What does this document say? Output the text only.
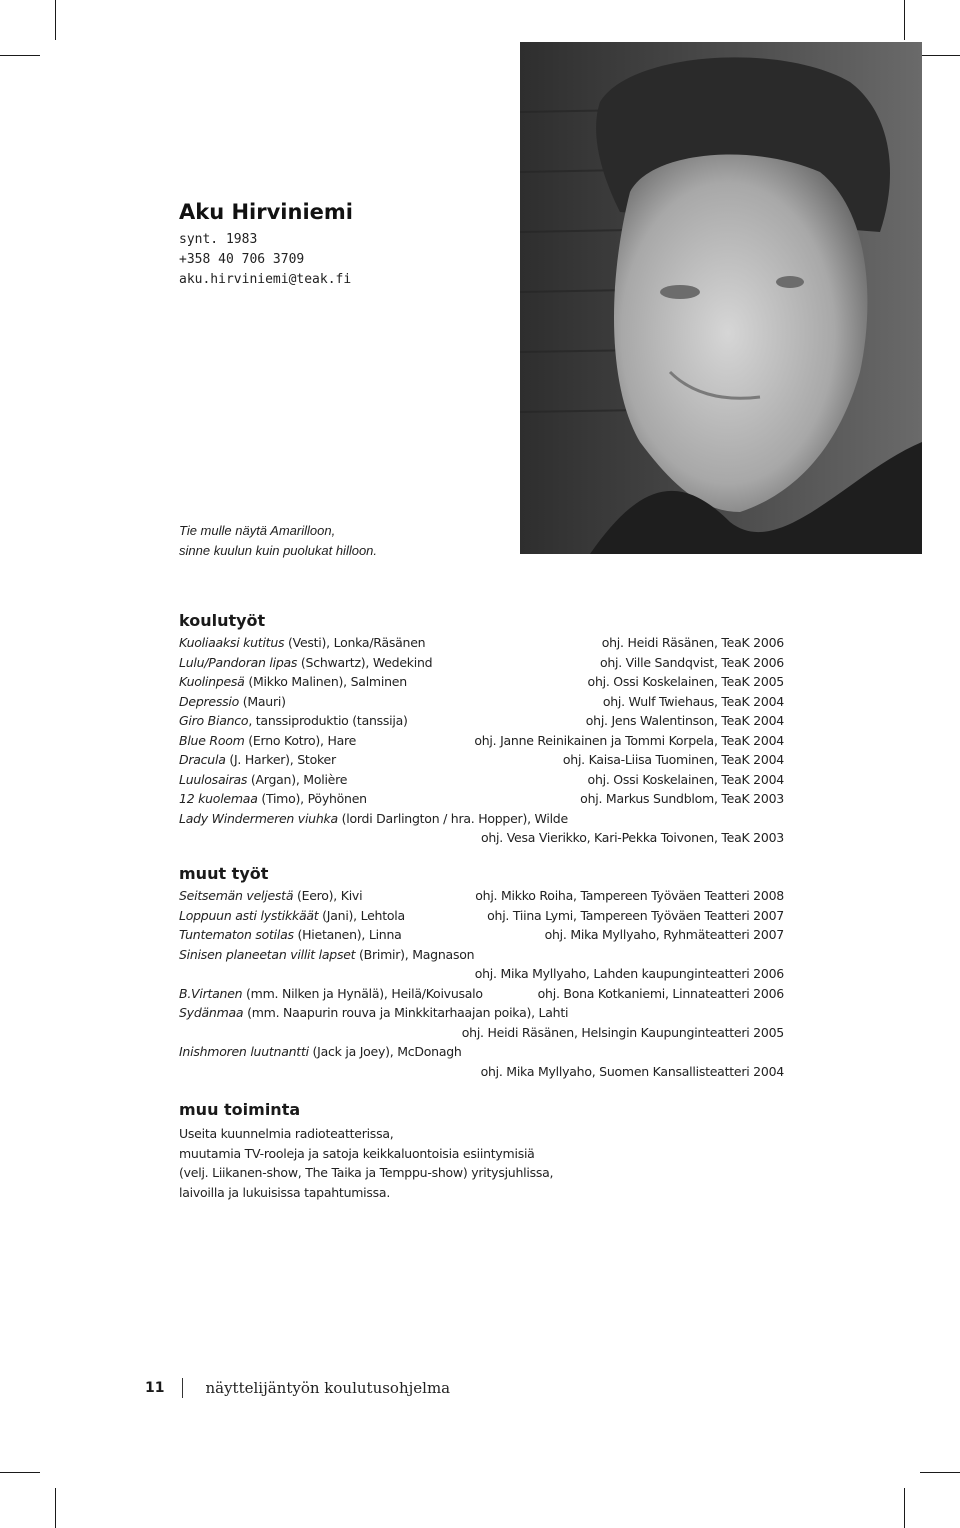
Aku Hirviniemi
synt. 1983
+358 40 706 3709
aku.hirviniemi@teak.fi
Tie mulle näytä Amarilloon,
sinne kuulun kuin puolukat hilloon.
koulutyöt
Kuoliaaksi kutitus (Vesti), Lonka/Räsänen	ohj. Heidi Räsänen, TeaK 2006
Lulu/Pandoran lipas (Schwartz), Wedekind	ohj. Ville Sandqvist, TeaK 2006
Kuolinpesä (Mikko Malinen), Salminen	ohj. Ossi Koskelainen, TeaK 2005
Depressio (Mauri)	ohj. Wulf Twiehaus, TeaK 2004
Giro Bianco, tanssiproduktio (tanssija)	ohj. Jens Walentinson, TeaK 2004
Blue Room (Erno Kotro), Hare	ohj. Janne Reinikainen ja Tommi Korpela, TeaK 2004
Dracula (J. Harker), Stoker	ohj. Kaisa-Liisa Tuominen, TeaK 2004
Luulosairas (Argan), Molière	ohj. Ossi Koskelainen, TeaK 2004
12 kuolemaa (Timo), Pöyhönen	ohj. Markus Sundblom, TeaK 2003
Lady Windermeren viuhka (lordi Darlington / hra. Hopper), Wilde
ohj. Vesa Vierikko, Kari-Pekka Toivonen, TeaK 2003
muut työt
Seitsemän veljestä (Eero), Kivi	ohj. Mikko Roiha, Tampereen Työväen Teatteri 2008
Loppuun asti lystikkäät (Jani), Lehtola	ohj. Tiina Lymi, Tampereen Työväen Teatteri 2007
Tuntematon sotilas (Hietanen), Linna	ohj. Mika Myllyaho, Ryhmäteatteri 2007
Sinisen planeetan villit lapset (Brimir), Magnason
ohj. Mika Myllyaho, Lahden kaupunginteatteri 2006
B.Virtanen (mm. Nilken ja Hynälä), Heilä/Koivusalo	ohj. Bona Kotkaniemi, Linnateatteri 2006
Sydänmaa (mm. Naapurin rouva ja Minkkitarhaajan poika), Lahti
ohj. Heidi Räsänen, Helsingin Kaupunginteatteri 2005
Inishmoren luutnantti (Jack ja Joey), McDonagh
ohj. Mika Myllyaho, Suomen Kansallisteatteri 2004
muu toiminta
Useita kuunnelmia radioteatterissa,
muutamia TV-rooleja ja satoja keikkaluontoisia esiintymisiä
(velj. Liikanen-show, The Taika ja Temppu-show) yritysjuhlissa,
laivoilla ja lukuisissa tapahtumissa.
11	näyttelijäntyön koulutusohjelma
